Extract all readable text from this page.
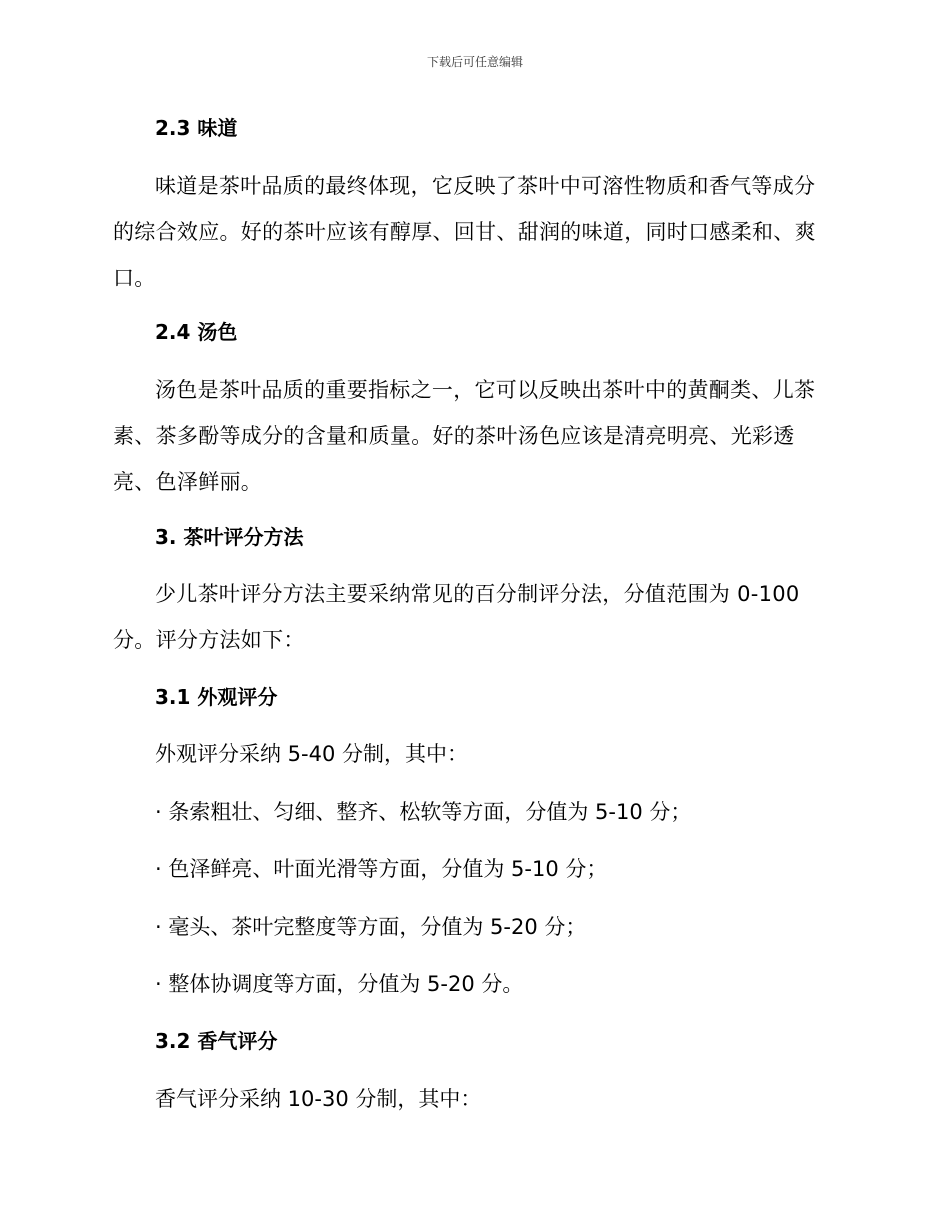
下载后可任意编辑
2.3 味道
味道是茶叶品质的最终体现，它反映了茶叶中可溶性物质和香气等成分的综合效应。好的茶叶应该有醇厚、回甘、甜润的味道，同时口感柔和、爽口。
2.4 汤色
汤色是茶叶品质的重要指标之一，它可以反映出茶叶中的黄酮类、儿茶素、茶多酚等成分的含量和质量。好的茶叶汤色应该是清亮明亮、光彩透亮、色泽鲜丽。
3. 茶叶评分方法
少儿茶叶评分方法主要采纳常见的百分制评分法，分值范围为 0-100 分。评分方法如下：
3.1 外观评分
外观评分采纳 5-40 分制，其中：
· 条索粗壮、匀细、整齐、松软等方面，分值为 5-10 分；
· 色泽鲜亮、叶面光滑等方面，分值为 5-10 分；
· 毫头、茶叶完整度等方面，分值为 5-20 分；
· 整体协调度等方面，分值为 5-20 分。
3.2 香气评分
香气评分采纳 10-30 分制，其中：
